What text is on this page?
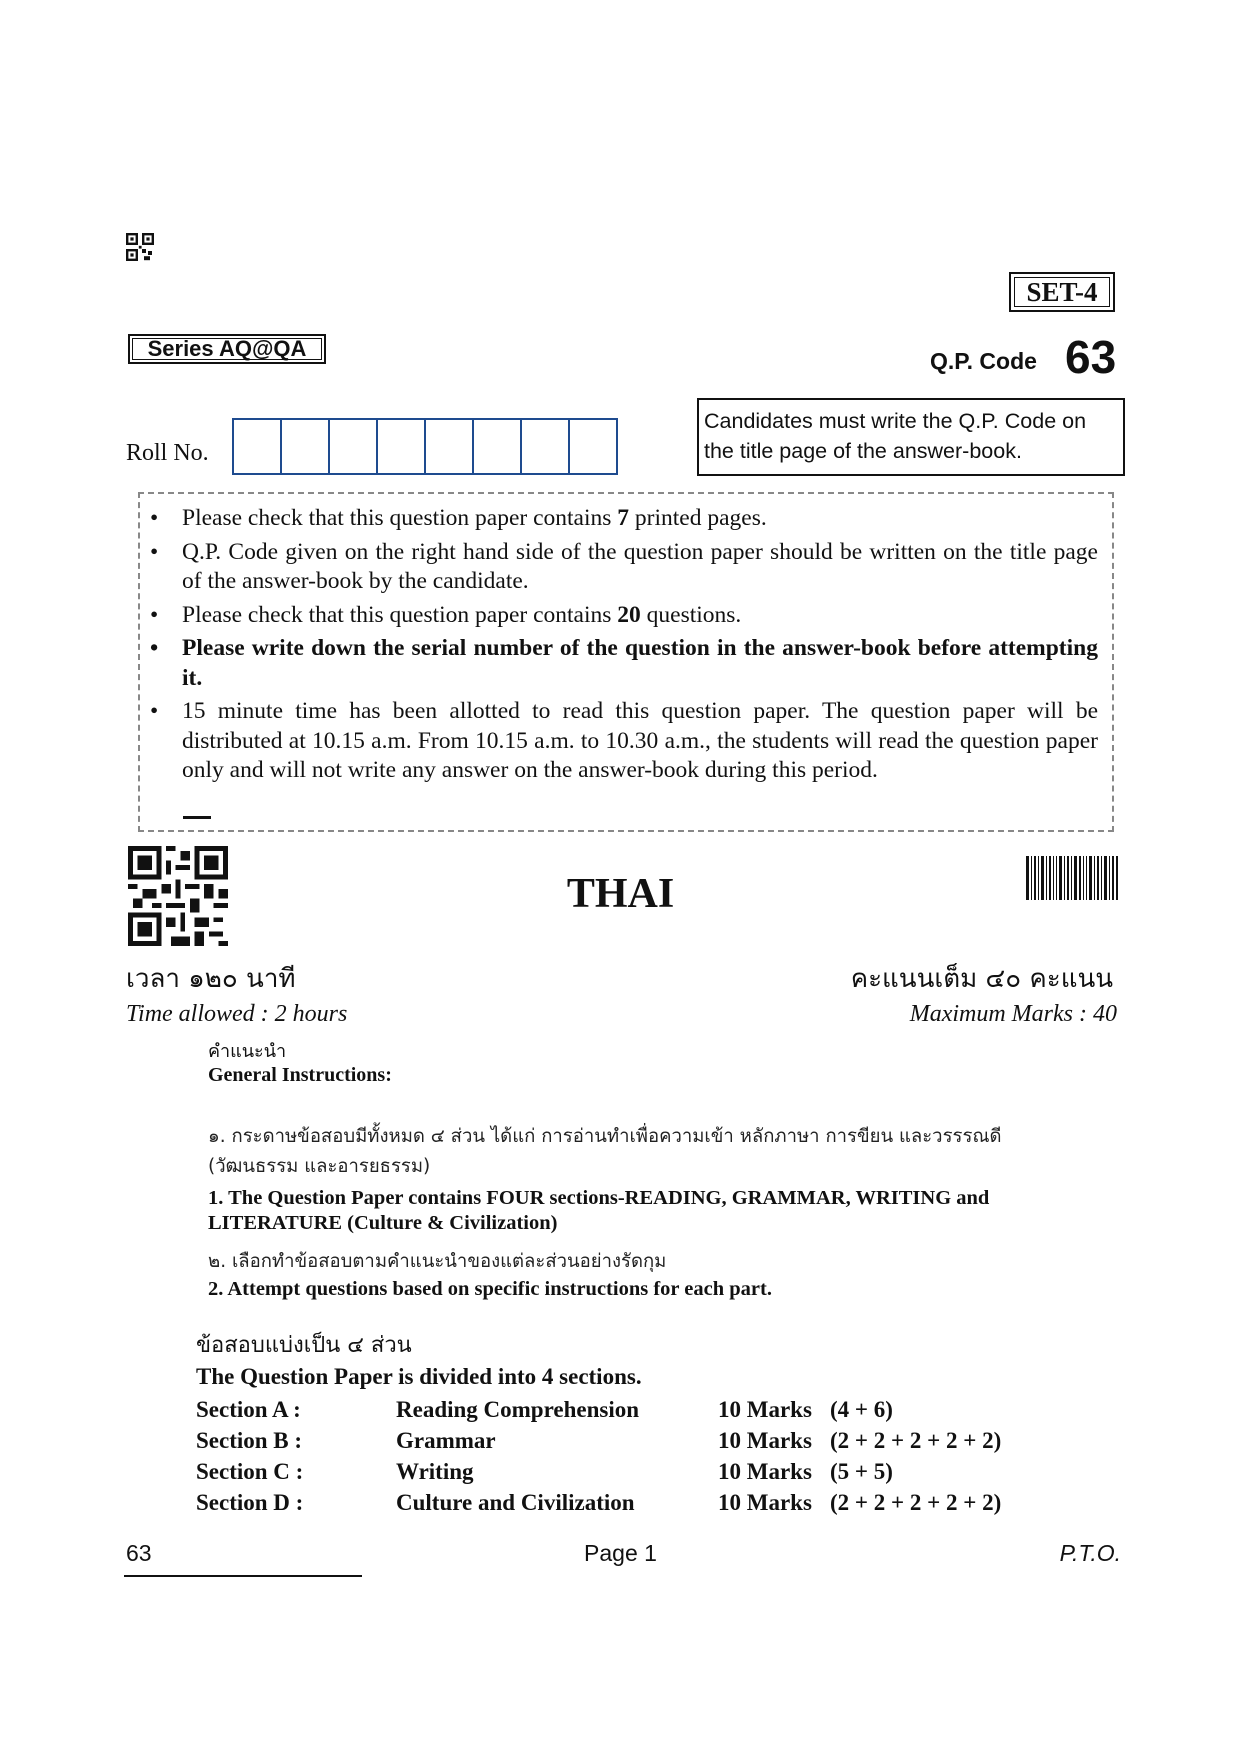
SET-4
Series AQ@QA	Q.P. Code 63
Roll No.
Candidates must write the Q.P. Code on the title page of the answer-book.
• Please check that this question paper contains 7 printed pages.
• Q.P. Code given on the right hand side of the question paper should be written on the title page of the answer-book by the candidate.
• Please check that this question paper contains 20 questions.
• Please write down the serial number of the question in the answer-book before attempting it.
• 15 minute time has been allotted to read this question paper. The question paper will be distributed at 10.15 a.m. From 10.15 a.m. to 10.30 a.m., the students will read the question paper only and will not write any answer on the answer-book during this period.
THAI
เวลา ๑๒๐ นาที	คะแนนเต็ม ๔๐ คะแนน
Time allowed : 2 hours	Maximum Marks : 40
คำแนะนำ
General Instructions:
๑. กระดาษข้อสอบมีทั้งหมด ๔ ส่วน ได้แก่ การอ่านทำเพื่อความเข้า หลักภาษา การขียน และวรรรณดี (วัฒนธรรม และอารยธรรม)
1. The Question Paper contains FOUR sections-READING, GRAMMAR, WRITING and LITERATURE (Culture & Civilization)
๒. เลือกทำข้อสอบตามคำแนะนำของแต่ละส่วนอย่างรัดกุม
2. Attempt questions based on specific instructions for each part.
ข้อสอบแบ่งเป็น ๔ ส่วน
The Question Paper is divided into 4 sections.
Section A :	Reading Comprehension	10 Marks	(4 + 6)
Section B :	Grammar	10 Marks	(2 + 2 + 2 + 2 + 2)
Section C :	Writing	10 Marks	(5 + 5)
Section D :	Culture and Civilization	10 Marks	(2 + 2 + 2 + 2 + 2)
63	Page 1	P.T.O.
